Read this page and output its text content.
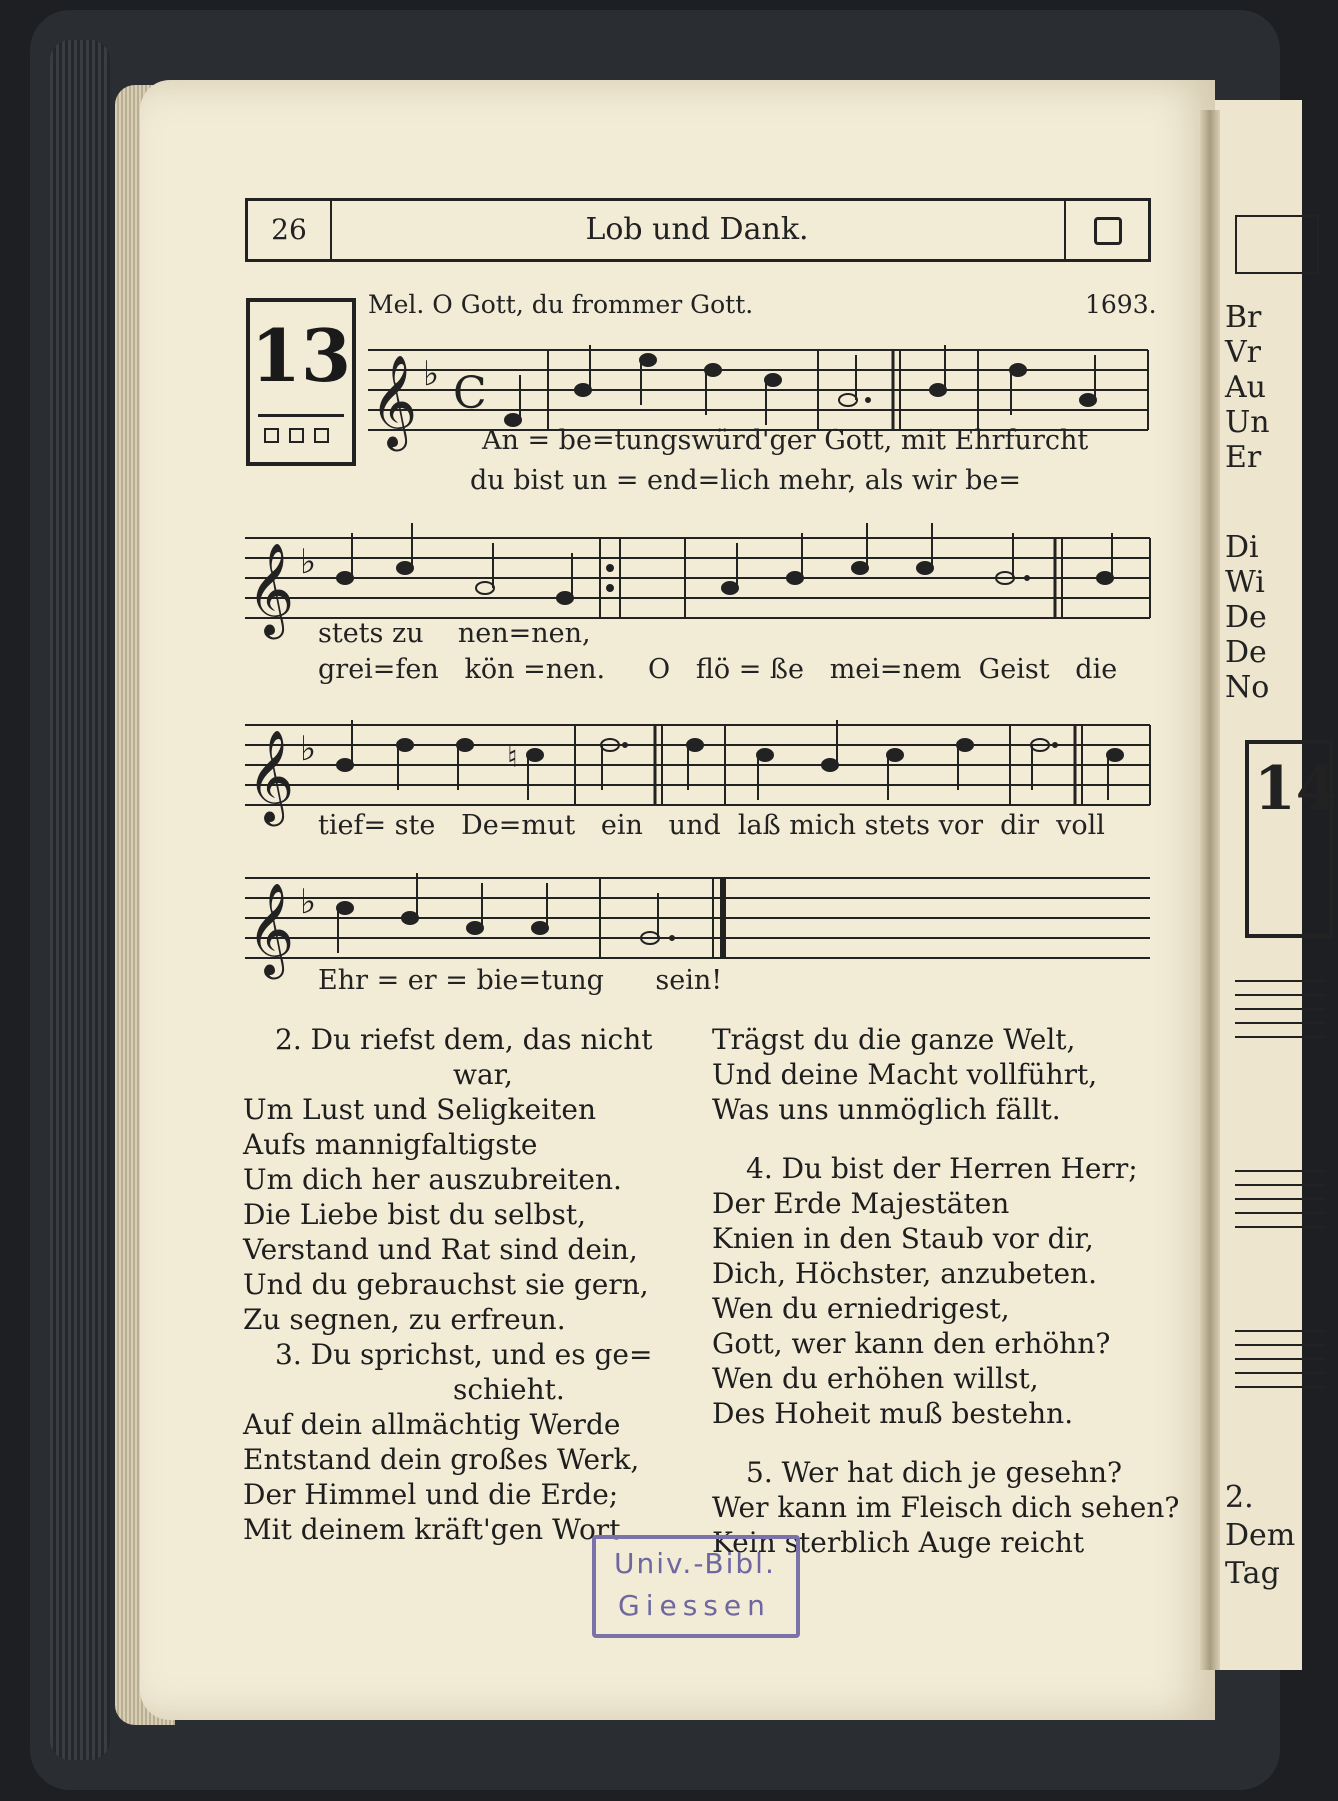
Br
Vr
Au
Un
Er
Di
Wi
De
De
No
14
2.
Dem
Tag
26	Lob und Dank.
13
Mel. O Gott, du frommer Gott.	1693.
𝄞 ♭ C
An = be=tungswürd'ger Gott, mit Ehrfurcht
du bist un = end=lich mehr, als wir be=
𝄞 ♭
stets zu    nen=nen,
grei=fen   kön =nen.     O   flö = ße   mei=nem  Geist   die
𝄞 ♭	♮
tief= ste   De=mut   ein   und  laß mich stets vor  dir  voll
𝄞 ♭
Ehr = er = bie=tung      sein!
2. Du riefst dem, das nicht
war,
Um Lust und Seligkeiten
Aufs mannigfaltigste
Um dich her auszubreiten.
Die Liebe bist du selbst,
Verstand und Rat sind dein,
Und du gebrauchst sie gern,
Zu segnen, zu erfreun.
3. Du sprichst, und es ge=
schieht.
Auf dein allmächtig Werde
Entstand dein großes Werk,
Der Himmel und die Erde;
Mit deinem kräft'gen Wort
Trägst du die ganze Welt,
Und deine Macht vollführt,
Was uns unmöglich fällt.
4. Du bist der Herren Herr;
Der Erde Majestäten
Knien in den Staub vor dir,
Dich, Höchster, anzubeten.
Wen du erniedrigest,
Gott, wer kann den erhöhn?
Wen du erhöhen willst,
Des Hoheit muß bestehn.
5. Wer hat dich je gesehn?
Wer kann im Fleisch dich sehen?
Kein sterblich Auge reicht
Univ.-Bibl.
Giessen
